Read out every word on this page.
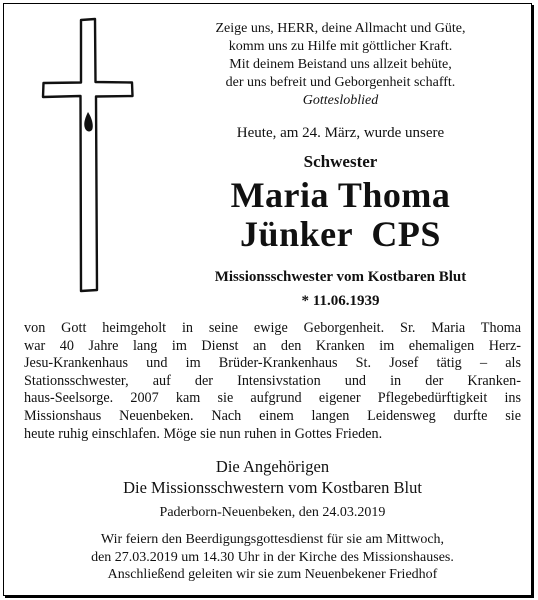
Zeige uns, HERR, deine Allmacht und Güte,
komm uns zu Hilfe mit göttlicher Kraft.
Mit deinem Beistand uns allzeit behüte,
der uns befreit und Geborgenheit schafft.
Gottesloblied
Heute, am 24. März, wurde unsere
Schwester
Maria Thoma
Jünker  CPS
Missionsschwester vom Kostbaren Blut
* 11.06.1939
von Gott heimgeholt in seine ewige Geborgenheit. Sr. Maria Thoma
war 40 Jahre lang im Dienst an den Kranken im ehemaligen Herz-
Jesu-Krankenhaus und im Brüder-Krankenhaus St. Josef tätig – als
Stationsschwester, auf der Intensivstation und in der Kranken-
haus-Seelsorge. 2007 kam sie aufgrund eigener Pflegebedürftigkeit ins
Missionshaus Neuenbeken. Nach einem langen Leidensweg durfte sie
heute ruhig einschlafen. Möge sie nun ruhen in Gottes Frieden.
Die Angehörigen
Die Missionsschwestern vom Kostbaren Blut
Paderborn-Neuenbeken, den 24.03.2019
Wir feiern den Beerdigungsgottesdienst für sie am Mittwoch,
den 27.03.2019 um 14.30 Uhr in der Kirche des Missionshauses.
Anschließend geleiten wir sie zum Neuenbekener Friedhof
